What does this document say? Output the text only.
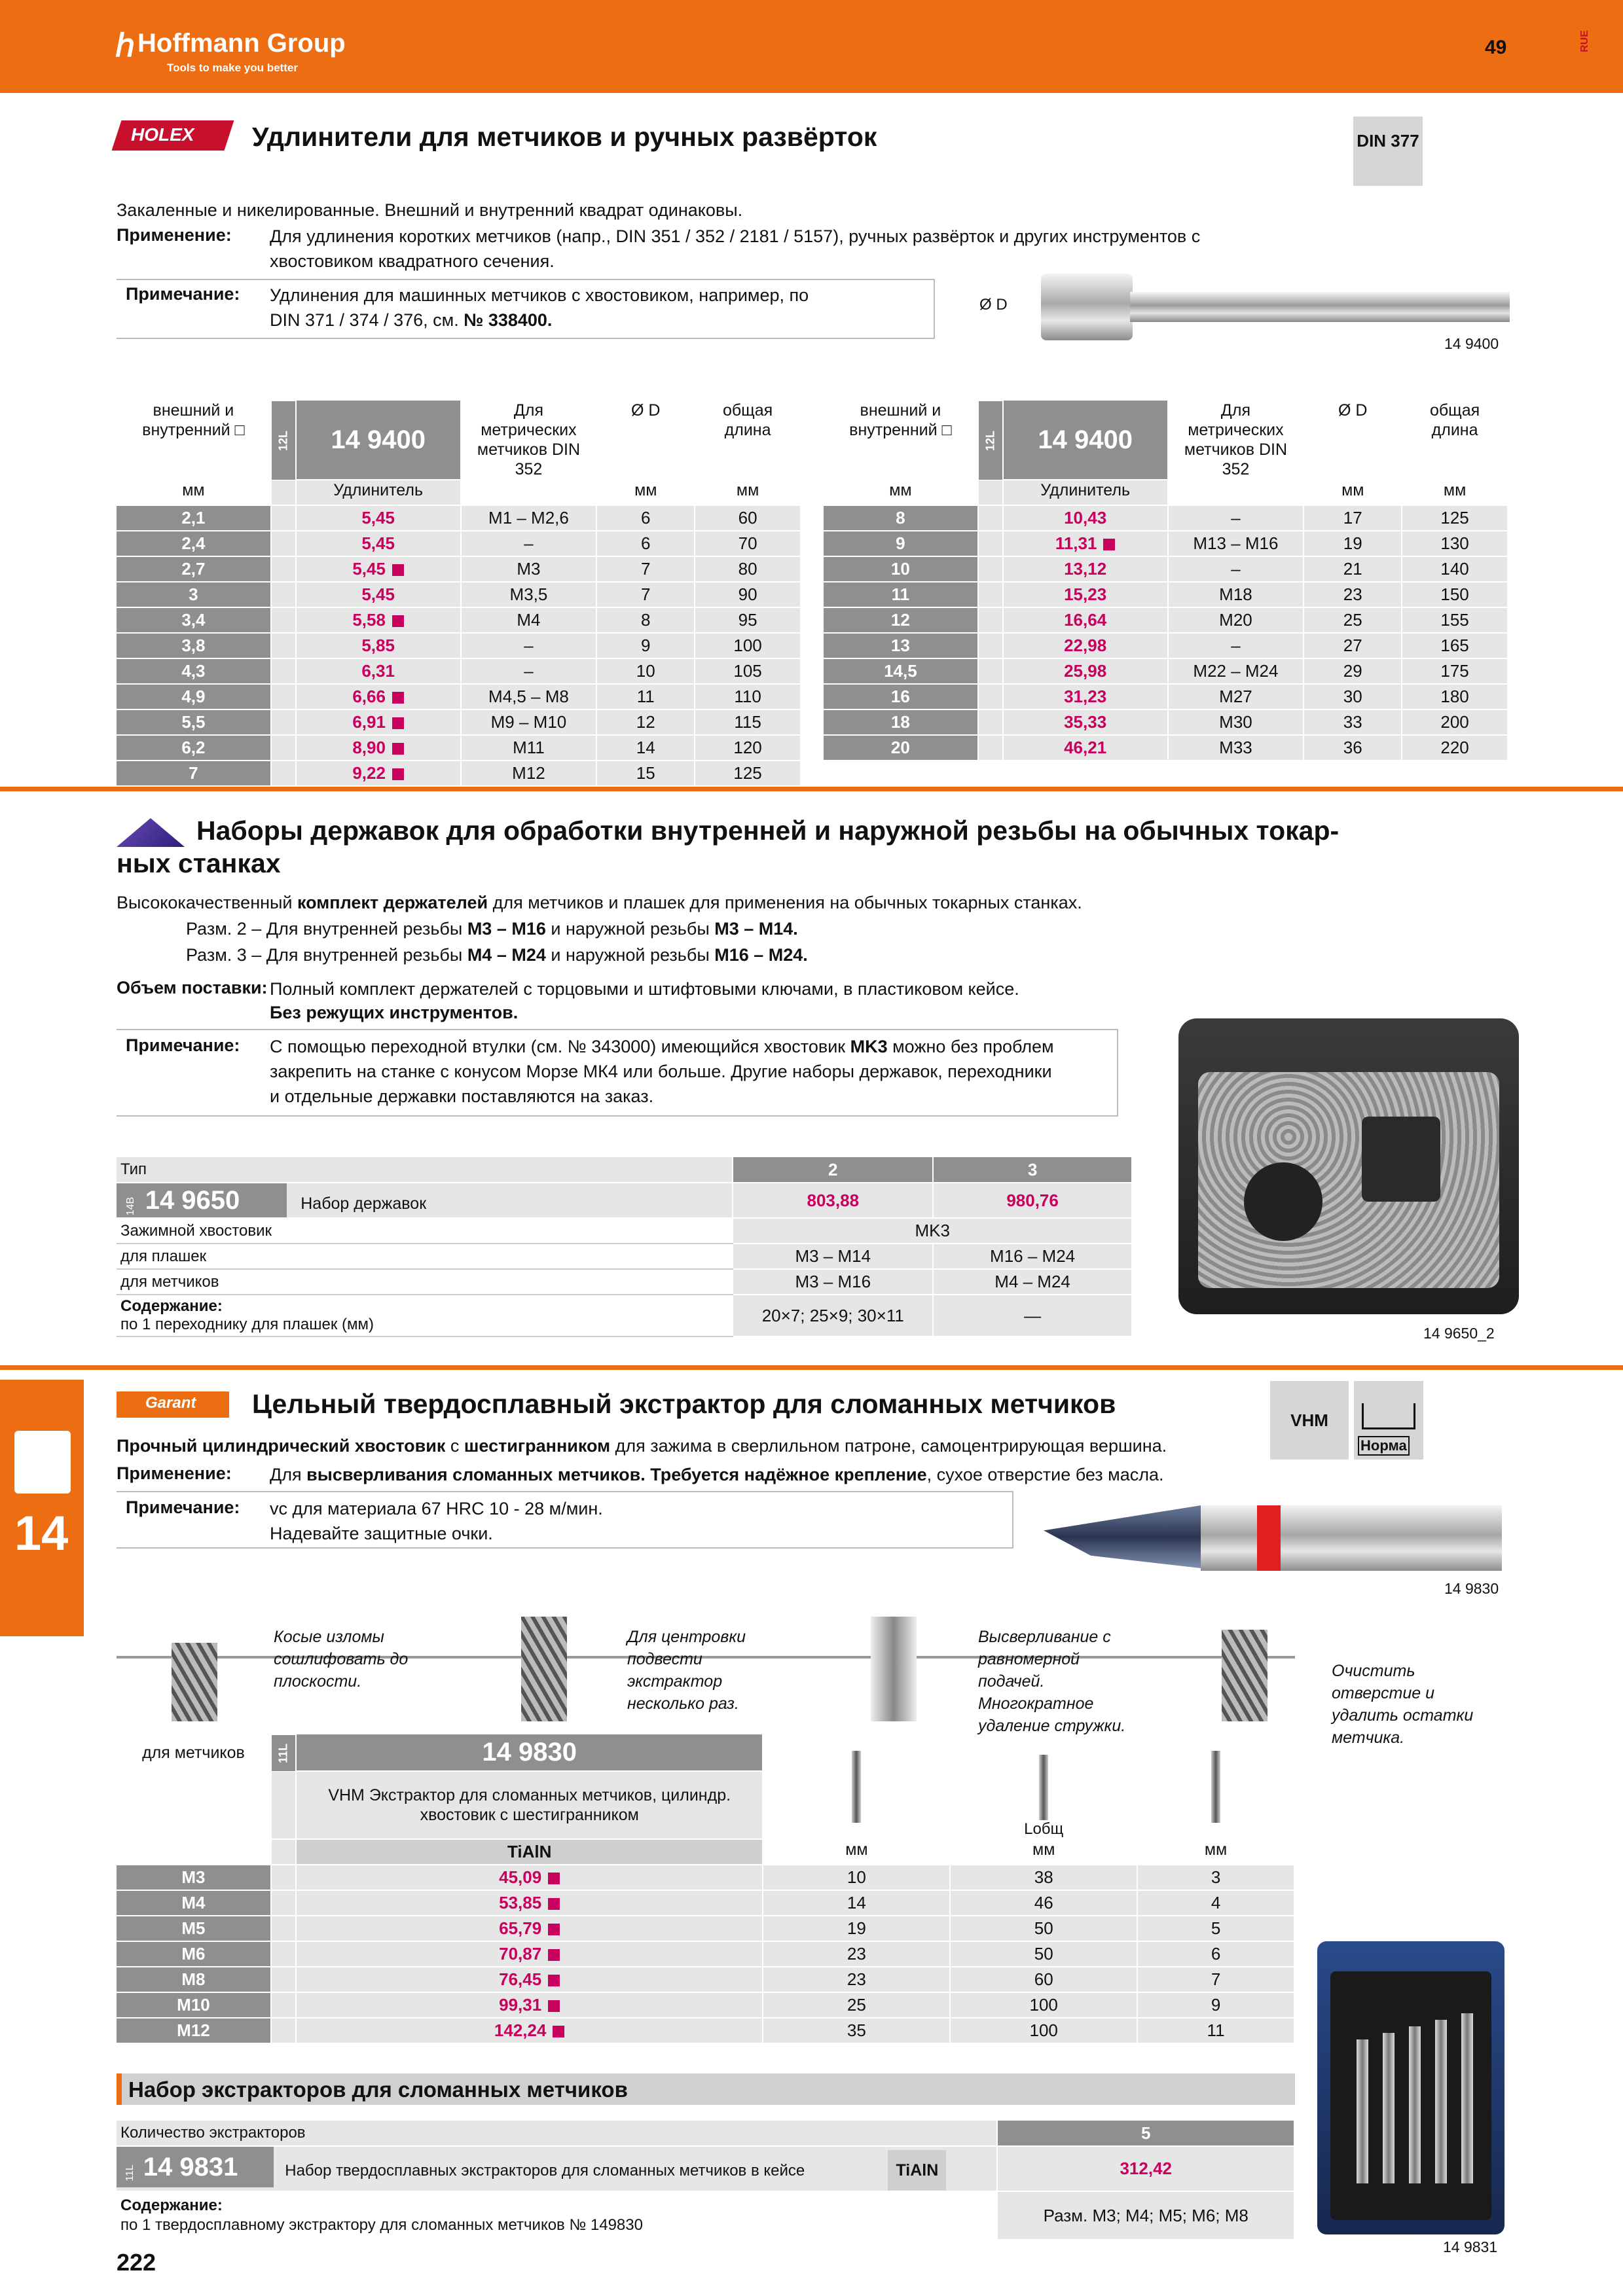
ℎ Hoffmann Group
Tools to make you better
49	RUE
HOLEX Удлинители для метчиков и ручных развёрток	DIN 377
Закаленные и никелированные. Внешний и внутренний квадрат одинаковы.
Применение: Для удлинения коротких метчиков (напр., DIN 351 / 352 / 2181 / 5157), ручных развёрток и других инструментов с
хвостовиком квадратного сечения.
Примечание: Удлинения для машинных метчиков с хвостовиком, например, по
DIN 371 / 374 / 376, см. № 338400.
Ø D
14 9400
внешний и внутренний □	12L	14 9400	Для метрических метчиков DIN 352	Ø D	общая длина
мм		Удлинитель		мм	мм
2,1		5,45	M1 – M2,6	6	60
2,4		5,45	–	6	70
2,7		5,45	M3	7	80
3		5,45	M3,5	7	90
3,4		5,58	M4	8	95
3,8		5,85	–	9	100
4,3		6,31	–	10	105
4,9		6,66	M4,5 – M8	11	110
5,5		6,91	M9 – M10	12	115
6,2		8,90	M11	14	120
7		9,22	M12	15	125
внешний и внутренний □	12L	14 9400	Для метрических метчиков DIN 352	Ø D	общая длина
мм		Удлинитель		мм	мм
8		10,43	–	17	125
9		11,31	M13 – M16	19	130
10		13,12	–	21	140
11		15,23	M18	23	150
12		16,64	M20	25	155
13		22,98	–	27	165
14,5		25,98	M22 – M24	29	175
16		31,23	M27	30	180
18		35,33	M30	33	200
20		46,21	M33	36	220
Наборы державок для обработки внутренней и наружной резьбы на обычных токар-
ных станках
Высококачественный комплект держателей для метчиков и плашек для применения на обычных токарных станках.
Разм. 2 – Для внутренней резьбы M3 – M16 и наружной резьбы M3 – M14.
Разм. 3 – Для внутренней резьбы M4 – M24 и наружной резьбы M16 – M24.
Объем поставки: Полный комплект держателей с торцовыми и штифтовыми ключами, в пластиковом кейсе.
Без режущих инструментов.
Примечание: С помощью переходной втулки (см. № 343000) имеющийся хвостовик MK3 можно без проблем
закрепить на станке с конусом Морзе МК4 или больше. Другие наборы державок, переходники
и отдельные державки поставляются на заказ.
14 9650_2
Тип	2	3
14B 14 9650 Набор державок	803,88	980,76
Зажимной хвостовик	MK3	
для плашек	M3 – M14	M16 – M24
для метчиков	M3 – M16	M4 – M24
Содержание:
по 1 переходнику для плашек (мм)	20×7; 25×9; 30×11	—
14
Garant	Цельный твердосплавный экстрактор для сломанных метчиков
VHM
Норма
Прочный цилиндрический хвостовик с шестигранником для зажима в сверлильном патроне, самоцентрирующая вершина.
Применение: Для высверливания сломанных метчиков. Требуется надёжное крепление, сухое отверстие без масла.
Примечание: vc для материала 67 HRC 10 - 28 м/мин.
Надевайте защитные очки.
14 9830
Косые изломы сошлифовать до плоскости.
Для центровки подвести экстрактор несколько раз.
Высверливание с равномерной подачей. Многократное удаление стружки.
Очистить отверстие и удалить остатки метчика.
для метчиков	11L	14 9830		Lобщ	

		VHM Экстрактор для сломанных метчиков, цилиндр. хвостовик с шестигранником			
		TiAlN	мм	мм	мм
M3		45,09	10	38	3
M4		53,85	14	46	4
M5		65,79	19	50	5
M6		70,87	23	50	6
M8		76,45	23	60	7
M10		99,31	25	100	9
M12		142,24	35	100	11
Набор экстракторов для сломанных метчиков
Количество экстракторов	5
11L 14 9831 Набор твердосплавных экстракторов для сломанных метчиков в кейсе TiAlN	312,42
Содержание:
по 1 твердосплавному экстрактору для сломанных метчиков № 149830	Разм. M3; M4; M5; M6; M8
14 9831
222
